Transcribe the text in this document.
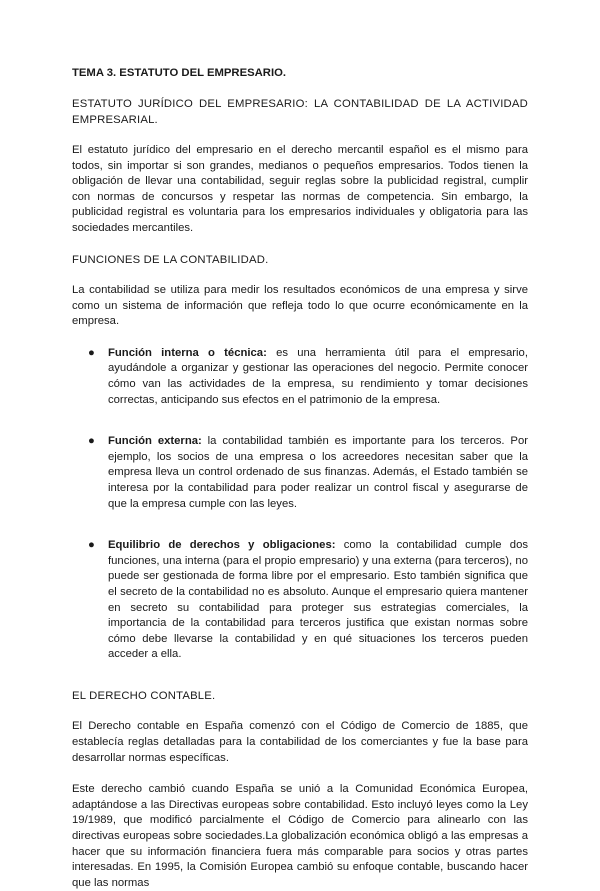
TEMA 3. ESTATUTO DEL EMPRESARIO.
ESTATUTO JURÍDICO DEL EMPRESARIO: LA CONTABILIDAD DE LA ACTIVIDAD EMPRESARIAL.
El estatuto jurídico del empresario en el derecho mercantil español es el mismo para todos, sin importar si son grandes, medianos o pequeños empresarios. Todos tienen la obligación de llevar una contabilidad, seguir reglas sobre la publicidad registral, cumplir con normas de concursos y respetar las normas de competencia. Sin embargo, la publicidad registral es voluntaria para los empresarios individuales y obligatoria para las sociedades mercantiles.
FUNCIONES DE LA CONTABILIDAD.
La contabilidad se utiliza para medir los resultados económicos de una empresa y sirve como un sistema de información que refleja todo lo que ocurre económicamente en la empresa.
● Función interna o técnica: es una herramienta útil para el empresario, ayudándole a organizar y gestionar las operaciones del negocio. Permite conocer cómo van las actividades de la empresa, su rendimiento y tomar decisiones correctas, anticipando sus efectos en el patrimonio de la empresa.
● Función externa: la contabilidad también es importante para los terceros. Por ejemplo, los socios de una empresa o los acreedores necesitan saber que la empresa lleva un control ordenado de sus finanzas. Además, el Estado también se interesa por la contabilidad para poder realizar un control fiscal y asegurarse de que la empresa cumple con las leyes.
● Equilibrio de derechos y obligaciones: como la contabilidad cumple dos funciones, una interna (para el propio empresario) y una externa (para terceros), no puede ser gestionada de forma libre por el empresario. Esto también significa que el secreto de la contabilidad no es absoluto. Aunque el empresario quiera mantener en secreto su contabilidad para proteger sus estrategias comerciales, la importancia de la contabilidad para terceros justifica que existan normas sobre cómo debe llevarse la contabilidad y en qué situaciones los terceros pueden acceder a ella.
EL DERECHO CONTABLE.
El Derecho contable en España comenzó con el Código de Comercio de 1885, que establecía reglas detalladas para la contabilidad de los comerciantes y fue la base para desarrollar normas específicas.
Este derecho cambió cuando España se unió a la Comunidad Económica Europea, adaptándose a las Directivas europeas sobre contabilidad. Esto incluyó leyes como la Ley 19/1989, que modificó parcialmente el Código de Comercio para alinearlo con las directivas europeas sobre sociedades.La globalización económica obligó a las empresas a hacer que su información financiera fuera más comparable para socios y otras partes interesadas. En 1995, la Comisión Europea cambió su enfoque contable, buscando hacer que las normas
